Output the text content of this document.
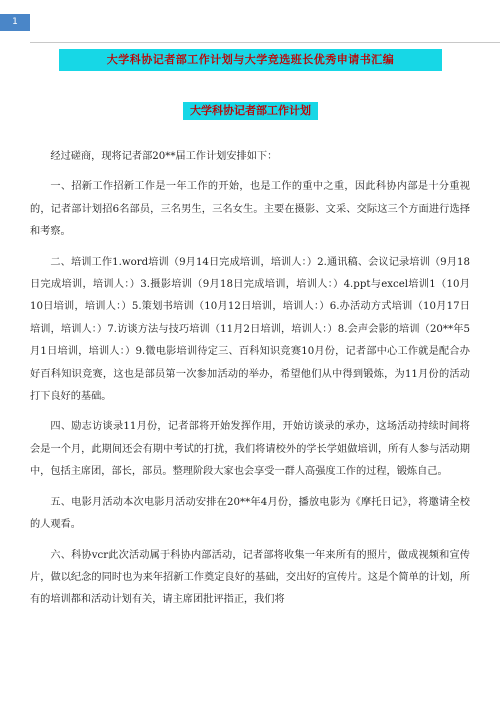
1
大学科协记者部工作计划与大学竞选班长优秀申请书汇编
大学科协记者部工作计划

经过磋商，现将记者部20**届工作计划安排如下：

一、招新工作招新工作是一年工作的开始，也是工作的重中之重，因此科协内部是十分重视的，记者部计划招6名部员，三名男生，三名女生。主要在摄影、文采、交际这三个方面进行选择和考察。

二、培训工作1.word培训（9月14日完成培训，培训人：）2.通讯稿、会议记录培训（9月18日完成培训，培训人：）3.摄影培训（9月18日完成培训，培训人：）4.ppt与excel培训1（10月10日培训，培训人：）5.策划书培训（10月12日培训，培训人：）6.办活动方式培训（10月17日培训，培训人：）7.访谈方法与技巧培训（11月2日培训，培训人：）8.会声会影的培训（20**年5月1日培训，培训人：）9.微电影培训待定三、百科知识竞赛10月份，记者部中心工作就是配合办好百科知识竞赛，这也是部员第一次参加活动的举办，希望他们从中得到锻炼，为11月份的活动打下良好的基础。

四、励志访谈录11月份，记者部将开始发挥作用，开始访谈录的承办，这场活动持续时间将会是一个月，此期间还会有期中考试的打扰，我们将请校外的学长学姐做培训，所有人参与活动期中，包括主席团，部长，部员。整理阶段大家也会享受一群人高强度工作的过程，锻炼自己。

五、电影月活动本次电影月活动安排在20**年4月份，播放电影为《摩托日记》，将邀请全校的人观看。

六、科协vcr此次活动属于科协内部活动，记者部将收集一年来所有的照片，做成视频和宣传片，做以纪念的同时也为来年招新工作奠定良好的基础，交出好的宣传片。这是个简单的计划，所有的培训都和活动计划有关，请主席团批评指正，我们将
